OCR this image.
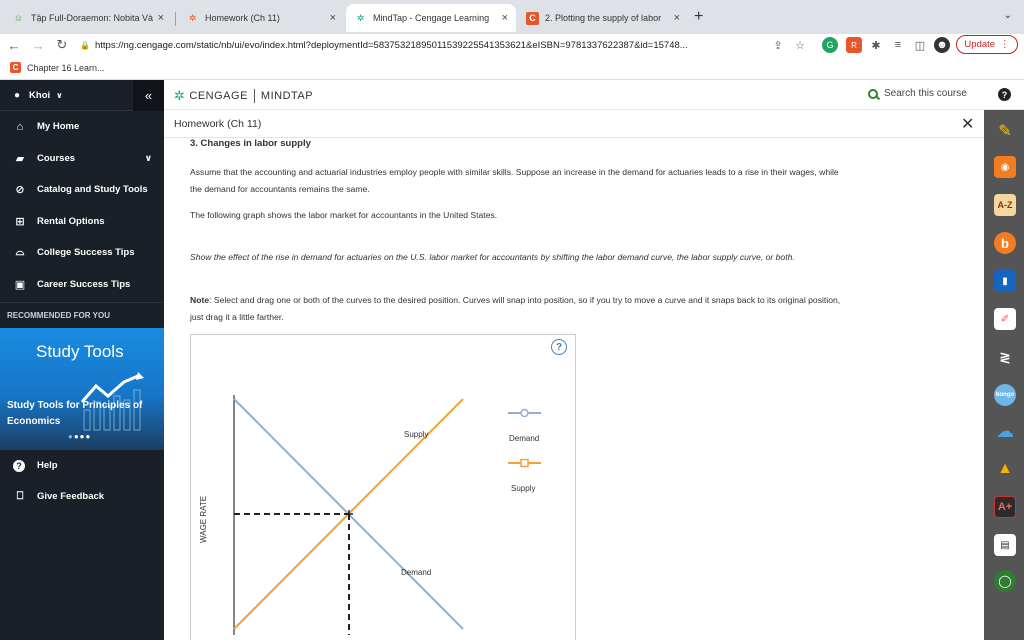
☺ Tập Full-Doraemon: Nobita Và ×	✲ Homework (Ch 11)	×	✲ MindTap - Cengage Learning	×	C	2. Plotting the supply of labor	× +	⌄
← → ↻	🔒 https://ng.cengage.com/static/nb/ui/evo/index.html?deploymentId=58375321895011539225541353621&eISBN=9781337622387&id=15748...	⇪	☆	G	R	✱	≡	◫ ☻ Update ⋮
C Chapter 16 Learn...
● Khoi ∨	«
⌂	My Home
▰ Courses	∨
⊘ Catalog and Study Tools
⊞ Rental Options
⌓ College Success Tips
▣ Career Success Tips
RECOMMENDED FOR YOU
Study Tools
Study Tools for Principles of Economics
●●●●
?	Help
⎕	Give Feedback
✲ CENGAGE MINDTAP	Search this course	?
Homework (Ch 11)	✕
3. Changes in labor supply
Assume that the accounting and actuarial industries employ people with similar skills. Suppose an increase in the demand for actuaries leads to a rise in their wages, while the demand for accountants remains the same.
The following graph shows the labor market for accountants in the United States.
Show the effect of the rise in demand for actuaries on the U.S. labor market for accountants by shifting the labor demand curve, the labor supply curve, or both.
Note: Select and drag one or both of the curves to the desired position. Curves will snap into position, so if you try to move a curve and it snaps back to its original position, just drag it a little farther.
?
Supply
Demand
WAGE RATE
Demand
Supply
✎
◉
A-Z
b
▮
✐
≷
bongo
☁
▲
A+
▤
◯
